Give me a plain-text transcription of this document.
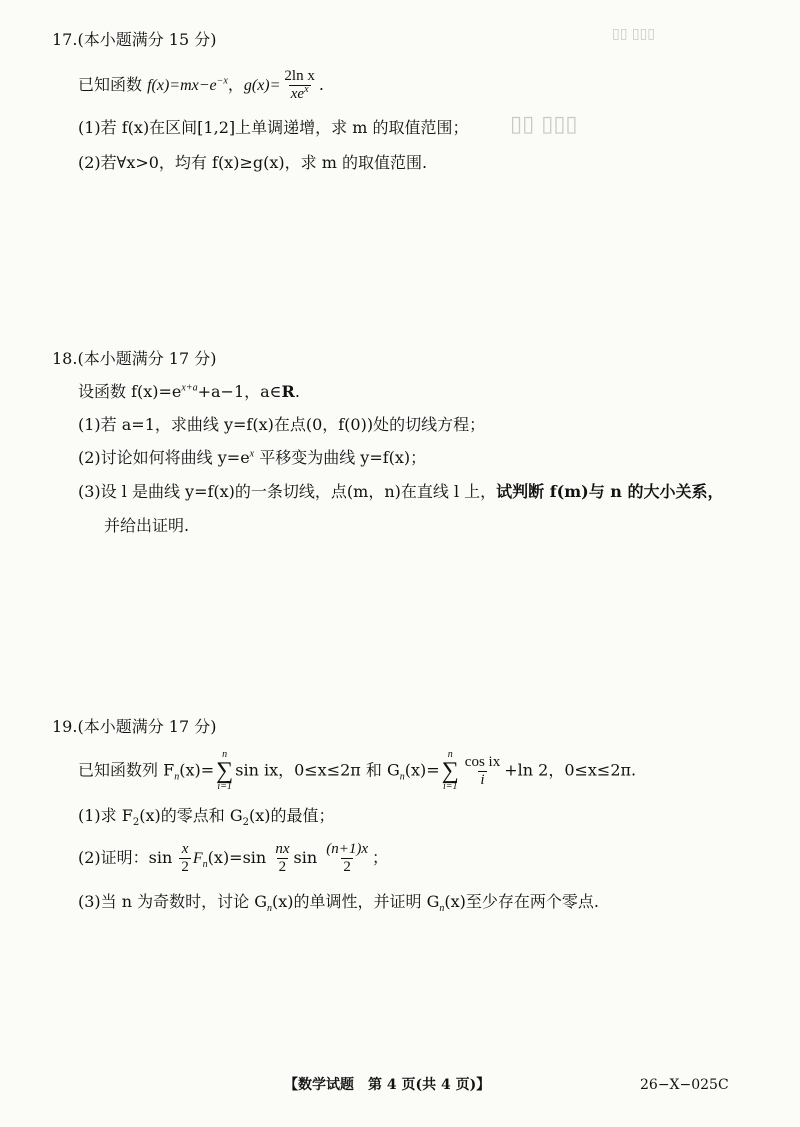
▯▯ ▯▯▯
▯▯ ▯▯▯
17.(本小题满分 15 分)
已知函数 $f(x)=mx-e^{-x}$，$g(x)= \frac{\text{2ln x}}{xe^x}$ .
(1)若 f(x)在区间[1,2]上单调递增，求 m 的取值范围；
(2)若∀x>0，均有 f(x)≥g(x)，求 m 的取值范围.
18.(本小题满分 17 分)
设函数 $f(x)=e^{x+a}+a-1$，a∈R.
(1)若 a=1，求曲线 y=f(x)在点(0，f(0))处的切线方程；
(2)讨论如何将曲线 $y=e^x$ 平移变为曲线 y=f(x)；
(3)设 l 是曲线 y=f(x)的一条切线，点(m，n)在直线 l 上，试判断 f(m)与 n 的大小关系，
并给出证明.
19.(本小题满分 17 分)
已知函数列 $F_n(x)=$
n
∑
i=1
sin ix，0≤x≤2π 和 $G_n(x)=$
n
∑
$i=1 \frac{\text{cos ix}}{i} +\ln$ 2，0≤x≤2π.
(1)求 $F_2(x)$的零点和 $G_2(x)$的最值；
(2)证明：$\sin \frac{x}{2} F_n(x)=\sin \frac{nx}{2}$ $\sin \frac{(n+1)x}{2}$ ；
(3)当 n 为奇数时，讨论 $G_n(x)$的单调性，并证明 $G_n(x)$至少存在两个零点.
【数学试题　第 4 页(共 4 页)】	26−X−025C
